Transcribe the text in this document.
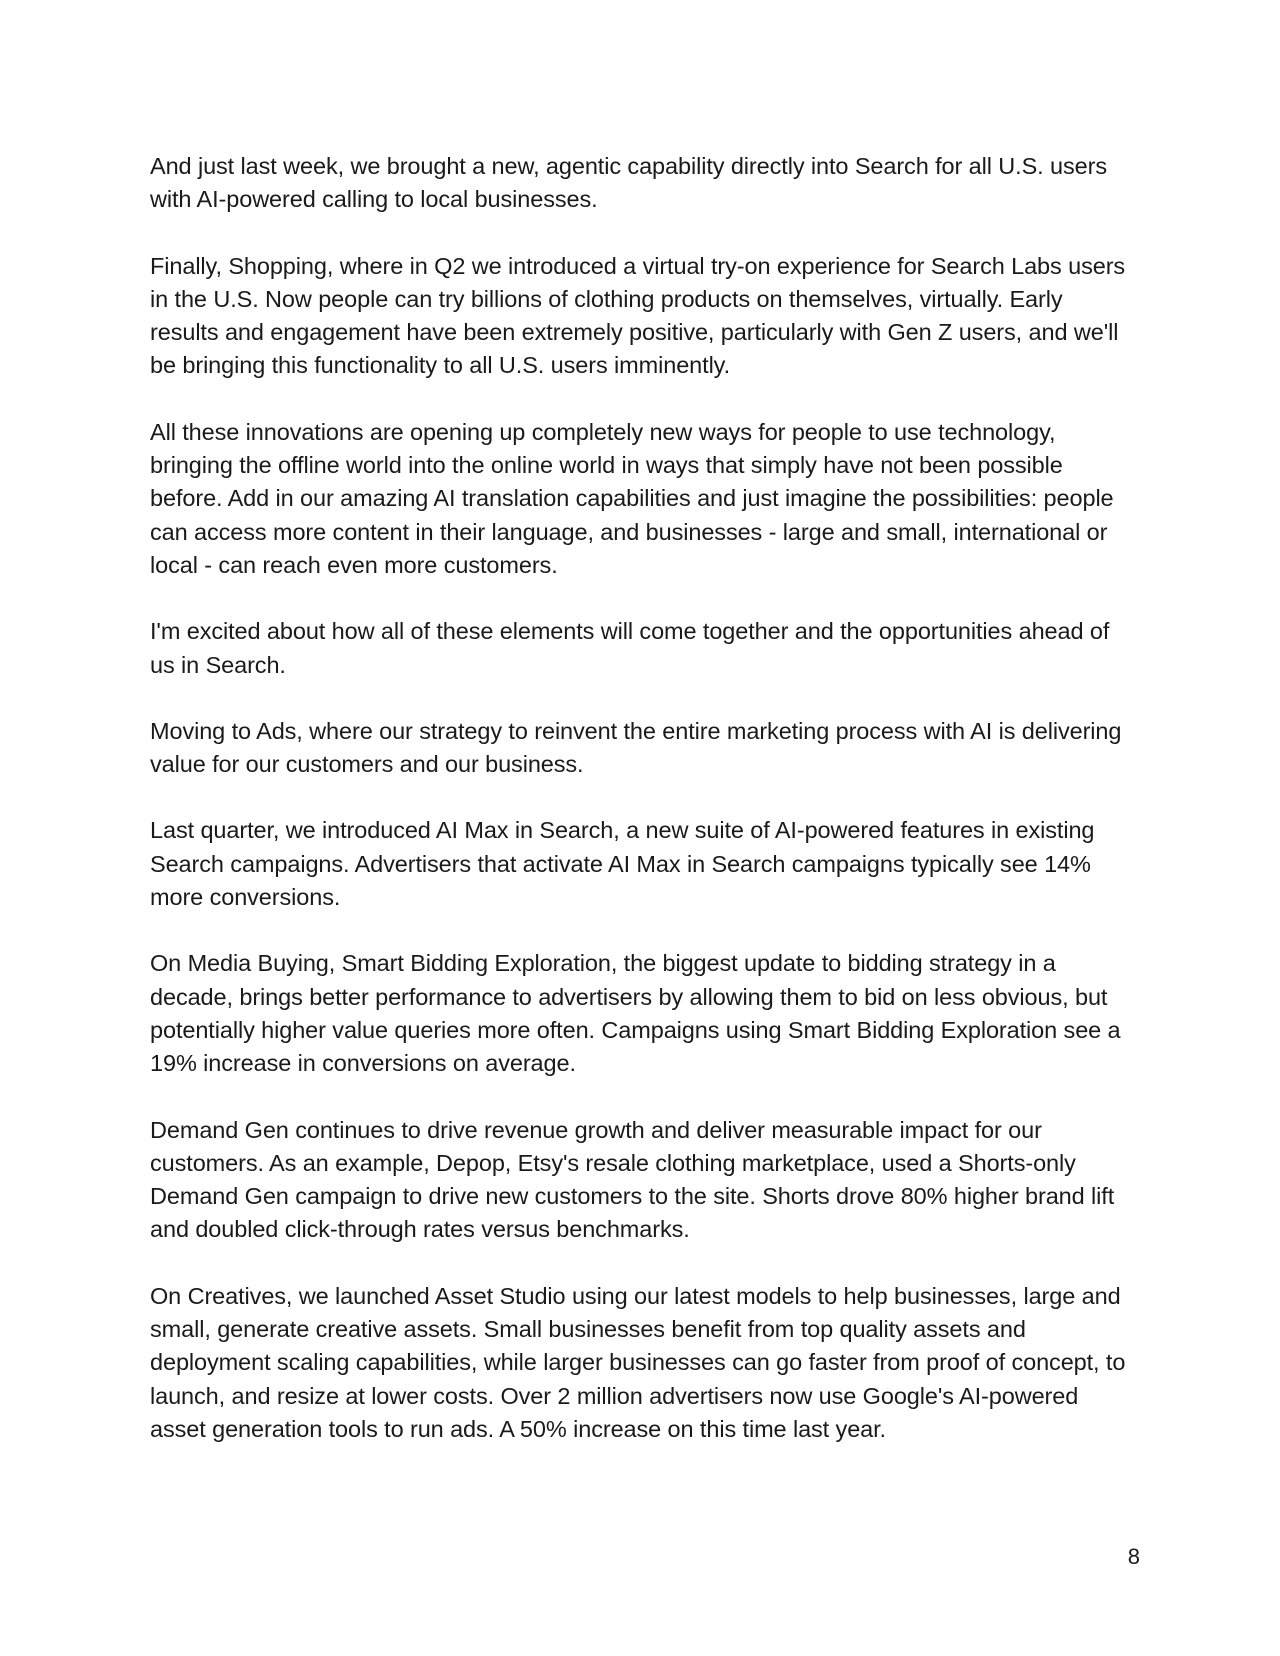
And just last week, we brought a new, agentic capability directly into Search for all U.S. users with AI-powered calling to local businesses.

Finally, Shopping, where in Q2 we introduced a virtual try-on experience for Search Labs users in the U.S. Now people can try billions of clothing products on themselves, virtually. Early results and engagement have been extremely positive, particularly with Gen Z users, and we'll be bringing this functionality to all U.S. users imminently.

All these innovations are opening up completely new ways for people to use technology, bringing the offline world into the online world in ways that simply have not been possible before. Add in our amazing AI translation capabilities and just imagine the possibilities: people can access more content in their language, and businesses - large and small, international or local - can reach even more customers.

I'm excited about how all of these elements will come together and the opportunities ahead of us in Search.

Moving to Ads, where our strategy to reinvent the entire marketing process with AI is delivering value for our customers and our business.

Last quarter, we introduced AI Max in Search, a new suite of AI-powered features in existing Search campaigns. Advertisers that activate AI Max in Search campaigns typically see 14% more conversions.

On Media Buying, Smart Bidding Exploration, the biggest update to bidding strategy in a decade, brings better performance to advertisers by allowing them to bid on less obvious, but potentially higher value queries more often. Campaigns using Smart Bidding Exploration see a 19% increase in conversions on average.

Demand Gen continues to drive revenue growth and deliver measurable impact for our customers. As an example, Depop, Etsy's resale clothing marketplace, used a Shorts-only Demand Gen campaign to drive new customers to the site. Shorts drove 80% higher brand lift and doubled click-through rates versus benchmarks.

On Creatives, we launched Asset Studio using our latest models to help businesses, large and small, generate creative assets. Small businesses benefit from top quality assets and deployment scaling capabilities, while larger businesses can go faster from proof of concept, to launch, and resize at lower costs. Over 2 million advertisers now use Google's AI-powered asset generation tools to run ads. A 50% increase on this time last year.

8
